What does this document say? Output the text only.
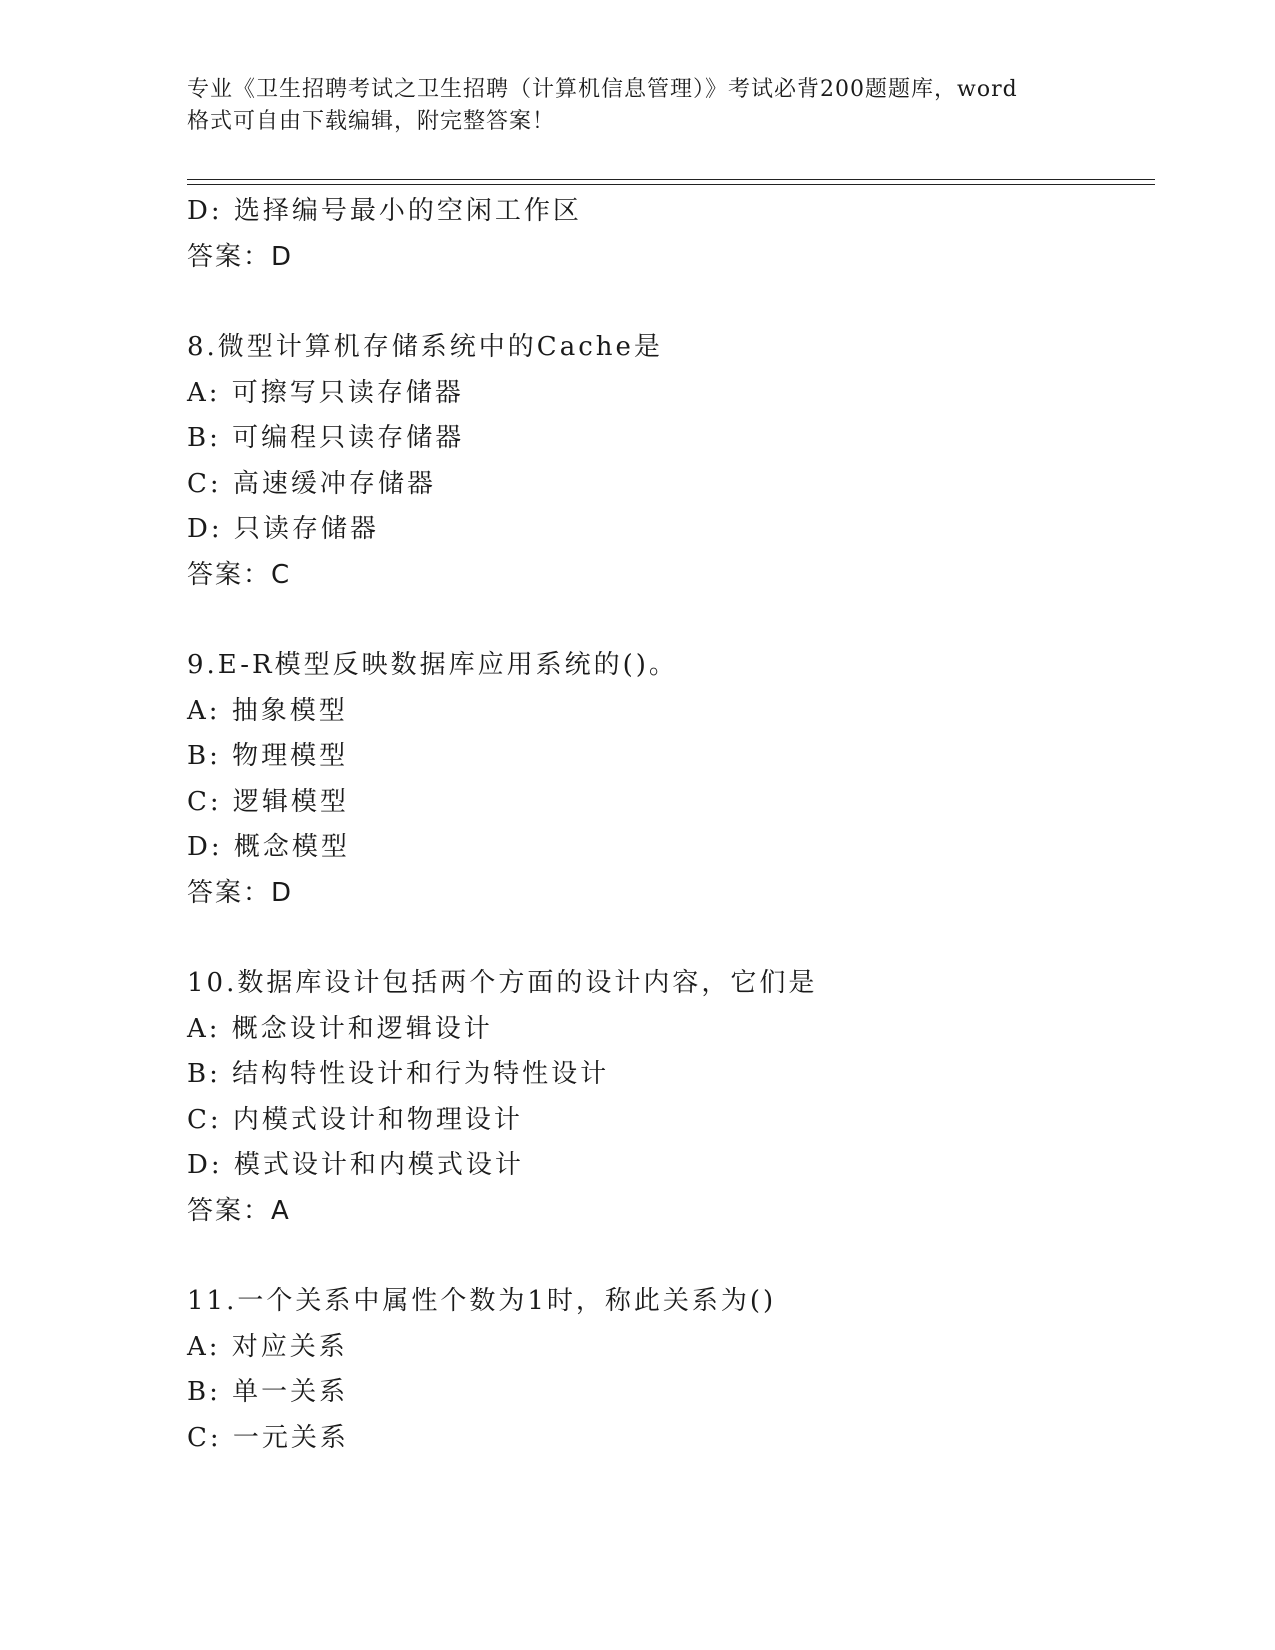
专业《卫生招聘考试之卫生招聘（计算机信息管理）》考试必背200题题库，word
格式可自由下载编辑，附完整答案！
D: 选择编号最小的空闲工作区
答案：D
8.微型计算机存储系统中的Cache是
A: 可擦写只读存储器
B: 可编程只读存储器
C: 高速缓冲存储器
D: 只读存储器
答案：C
9.E-R模型反映数据库应用系统的()。
A: 抽象模型
B: 物理模型
C: 逻辑模型
D: 概念模型
答案：D
10.数据库设计包括两个方面的设计内容，它们是
A: 概念设计和逻辑设计
B: 结构特性设计和行为特性设计
C: 内模式设计和物理设计
D: 模式设计和内模式设计
答案：A
11.一个关系中属性个数为1时，称此关系为()
A: 对应关系
B: 单一关系
C: 一元关系
